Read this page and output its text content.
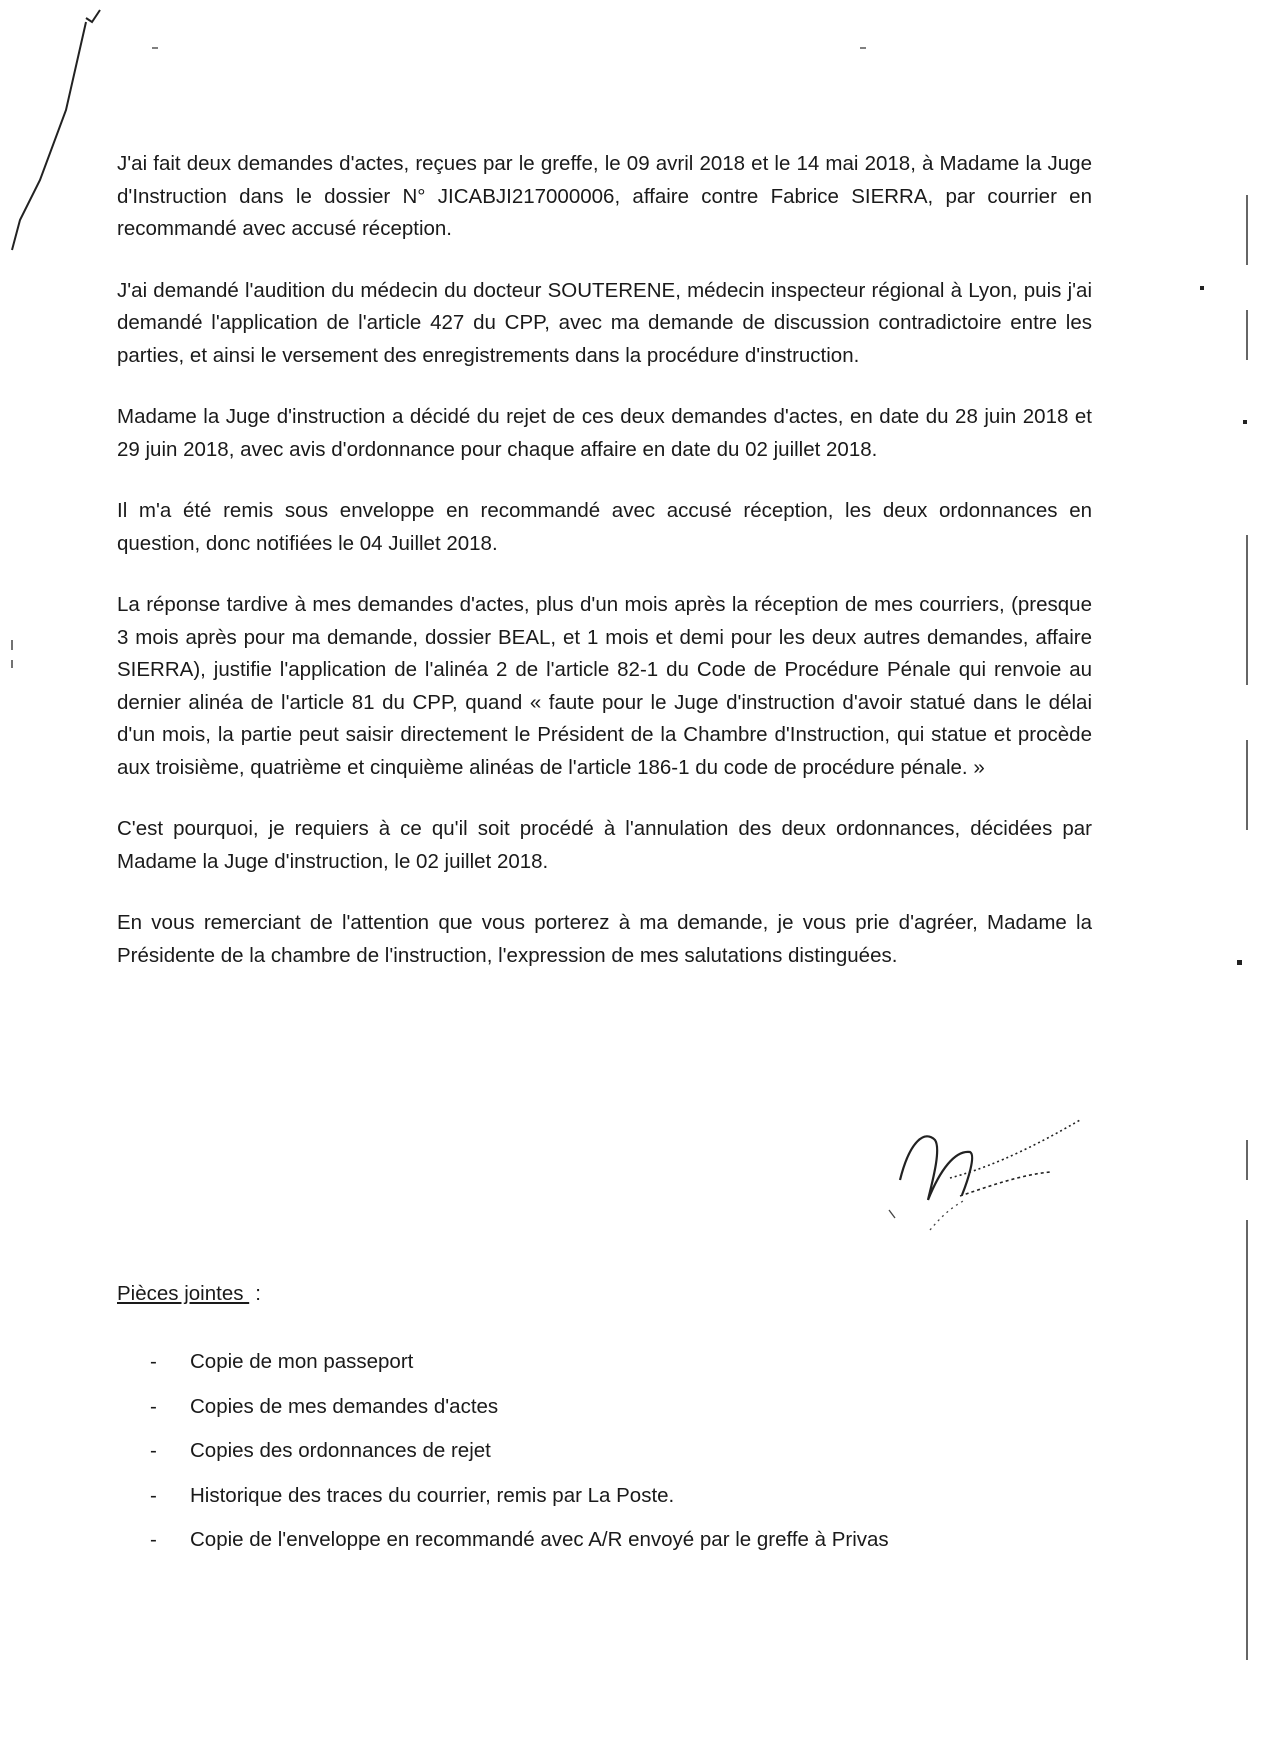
J'ai fait deux demandes d'actes, reçues par le greffe, le 09 avril 2018 et le 14 mai 2018, à Madame la Juge d'Instruction dans le dossier N° JICABJI217000006, affaire contre Fabrice SIERRA, par courrier en recommandé avec accusé réception.

J'ai demandé l'audition du médecin du docteur SOUTERENE, médecin inspecteur régional à Lyon, puis j'ai demandé l'application de l'article 427 du CPP, avec ma demande de discussion contradictoire entre les parties, et ainsi le versement des enregistrements dans la procédure d'instruction.

Madame la Juge d'instruction a décidé du rejet de ces deux demandes d'actes, en date du 28 juin 2018 et 29 juin 2018, avec avis d'ordonnance pour chaque affaire en date du 02 juillet 2018.

Il m'a été remis sous enveloppe en recommandé avec accusé réception, les deux ordonnances en question, donc notifiées le 04 Juillet 2018.

La réponse tardive à mes demandes d'actes, plus d'un mois après la réception de mes courriers, (presque 3 mois après pour ma demande, dossier BEAL, et 1 mois et demi pour les deux autres demandes, affaire SIERRA), justifie l'application de l'alinéa 2 de l'article 82-1 du Code de Procédure Pénale qui renvoie au dernier alinéa de l'article 81 du CPP, quand « faute pour le Juge d'instruction d'avoir statué dans le délai d'un mois, la partie peut saisir directement le Président de la Chambre d'Instruction, qui statue et procède aux troisième, quatrième et cinquième alinéas de l'article 186-1 du code de procédure pénale. »

C'est pourquoi, je requiers à ce qu'il soit procédé à l'annulation des deux ordonnances, décidées par Madame la Juge d'instruction, le 02 juillet 2018.

En vous remerciant de l'attention que vous porterez à ma demande, je vous prie d'agréer, Madame la Présidente de la chambre de l'instruction, l'expression de mes salutations distinguées.

Pièces jointes :
- Copie de mon passeport
- Copies de mes demandes d'actes
- Copies des ordonnances de rejet
- Historique des traces du courrier, remis par La Poste.
- Copie de l'enveloppe en recommandé avec A/R envoyé par le greffe à Privas
